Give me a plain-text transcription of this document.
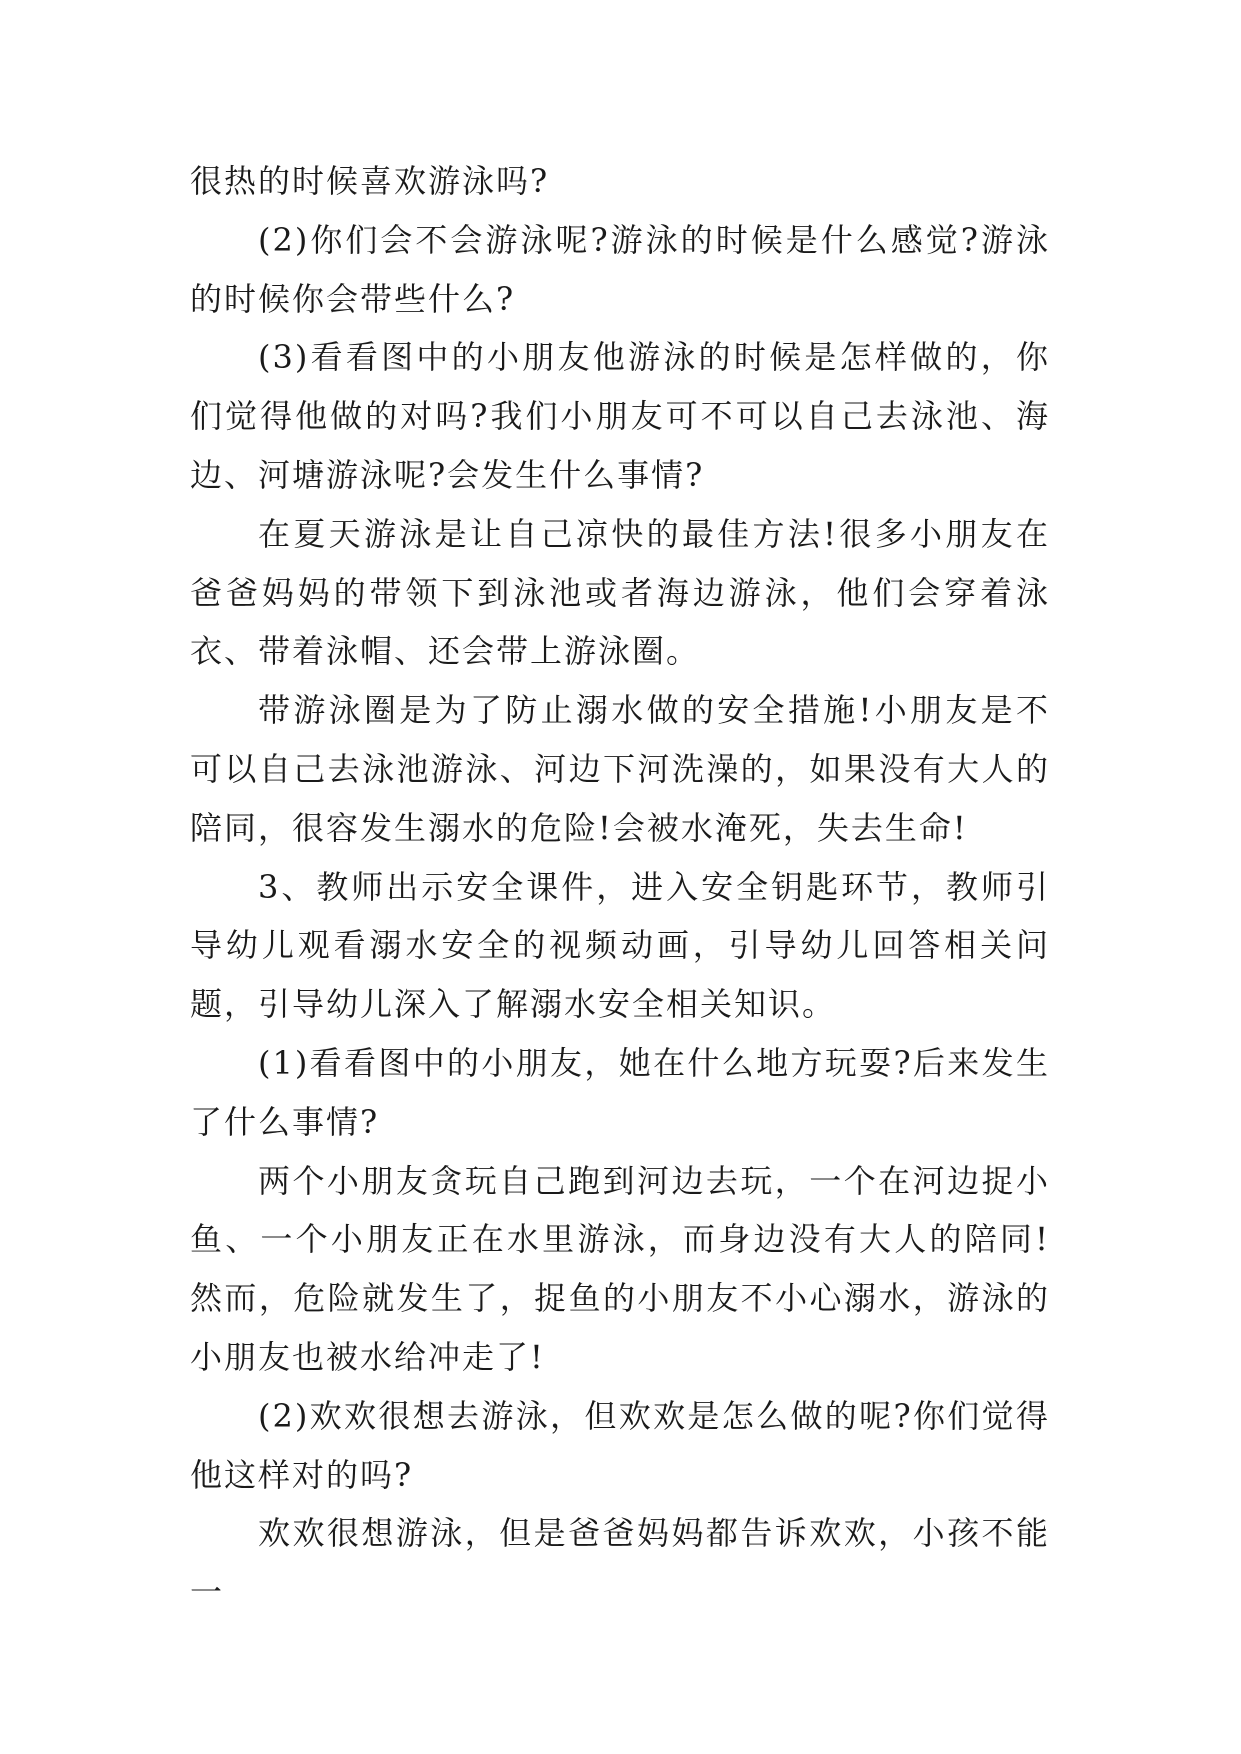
很热的时候喜欢游泳吗?

(2)你们会不会游泳呢?游泳的时候是什么感觉?游泳的时候你会带些什么?

(3)看看图中的小朋友他游泳的时候是怎样做的，你们觉得他做的对吗?我们小朋友可不可以自己去泳池、海边、河塘游泳呢?会发生什么事情?

在夏天游泳是让自己凉快的最佳方法!很多小朋友在爸爸妈妈的带领下到泳池或者海边游泳，他们会穿着泳衣、带着泳帽、还会带上游泳圈。

带游泳圈是为了防止溺水做的安全措施!小朋友是不可以自己去泳池游泳、河边下河洗澡的，如果没有大人的陪同，很容发生溺水的危险!会被水淹死，失去生命!

3、教师出示安全课件，进入安全钥匙环节，教师引导幼儿观看溺水安全的视频动画，引导幼儿回答相关问题，引导幼儿深入了解溺水安全相关知识。

(1)看看图中的小朋友，她在什么地方玩耍?后来发生了什么事情?

两个小朋友贪玩自己跑到河边去玩，一个在河边捉小鱼、一个小朋友正在水里游泳，而身边没有大人的陪同!然而，危险就发生了，捉鱼的小朋友不小心溺水，游泳的小朋友也被水给冲走了!

(2)欢欢很想去游泳，但欢欢是怎么做的呢?你们觉得他这样对的吗?

欢欢很想游泳，但是爸爸妈妈都告诉欢欢，小孩不能一
